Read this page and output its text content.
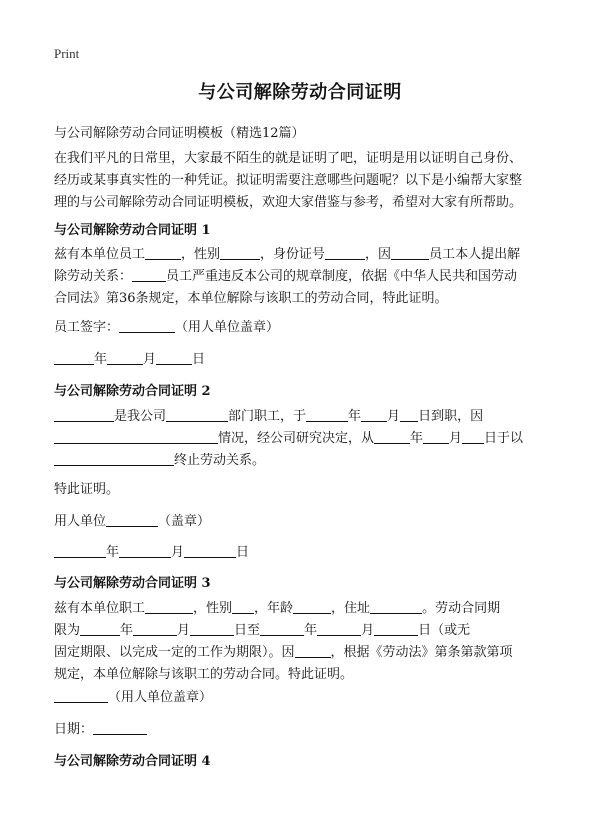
Print
与公司解除劳动合同证明
与公司解除劳动合同证明模板（精选12篇）
在我们平凡的日常里，大家最不陌生的就是证明了吧，证明是用以证明自己身份、
经历或某事真实性的一种凭证。拟证明需要注意哪些问题呢？以下是小编帮大家整
理的与公司解除劳动合同证明模板，欢迎大家借鉴与参考，希望对大家有所帮助。
与公司解除劳动合同证明 1
兹有本单位员工	，性别	，身份证号	，因	员工本人提出解
除劳动关系：	员工严重违反本公司的规章制度，依据《中华人民共和国劳动
合同法》第36条规定，本单位解除与该职工的劳动合同，特此证明。
员工签字：	（用人单位盖章）
年	月	日
与公司解除劳动合同证明 2
是我公司	部门职工，于	年 月 日到职，因
情况，经公司研究决定，从	年 月 日于以
终止劳动关系。
特此证明。
用人单位	（盖章）
年	月	日
与公司解除劳动合同证明 3
兹有本单位职工	，性别 ，年龄	，住址	。劳动合同期
限为	年	月	日至	年	月	日（或无
固定期限、以完成一定的工作为期限）。因	，根据《劳动法》第条第款第项
规定，本单位解除与该职工的劳动合同。特此证明。
（用人单位盖章）
日期：
与公司解除劳动合同证明 4
